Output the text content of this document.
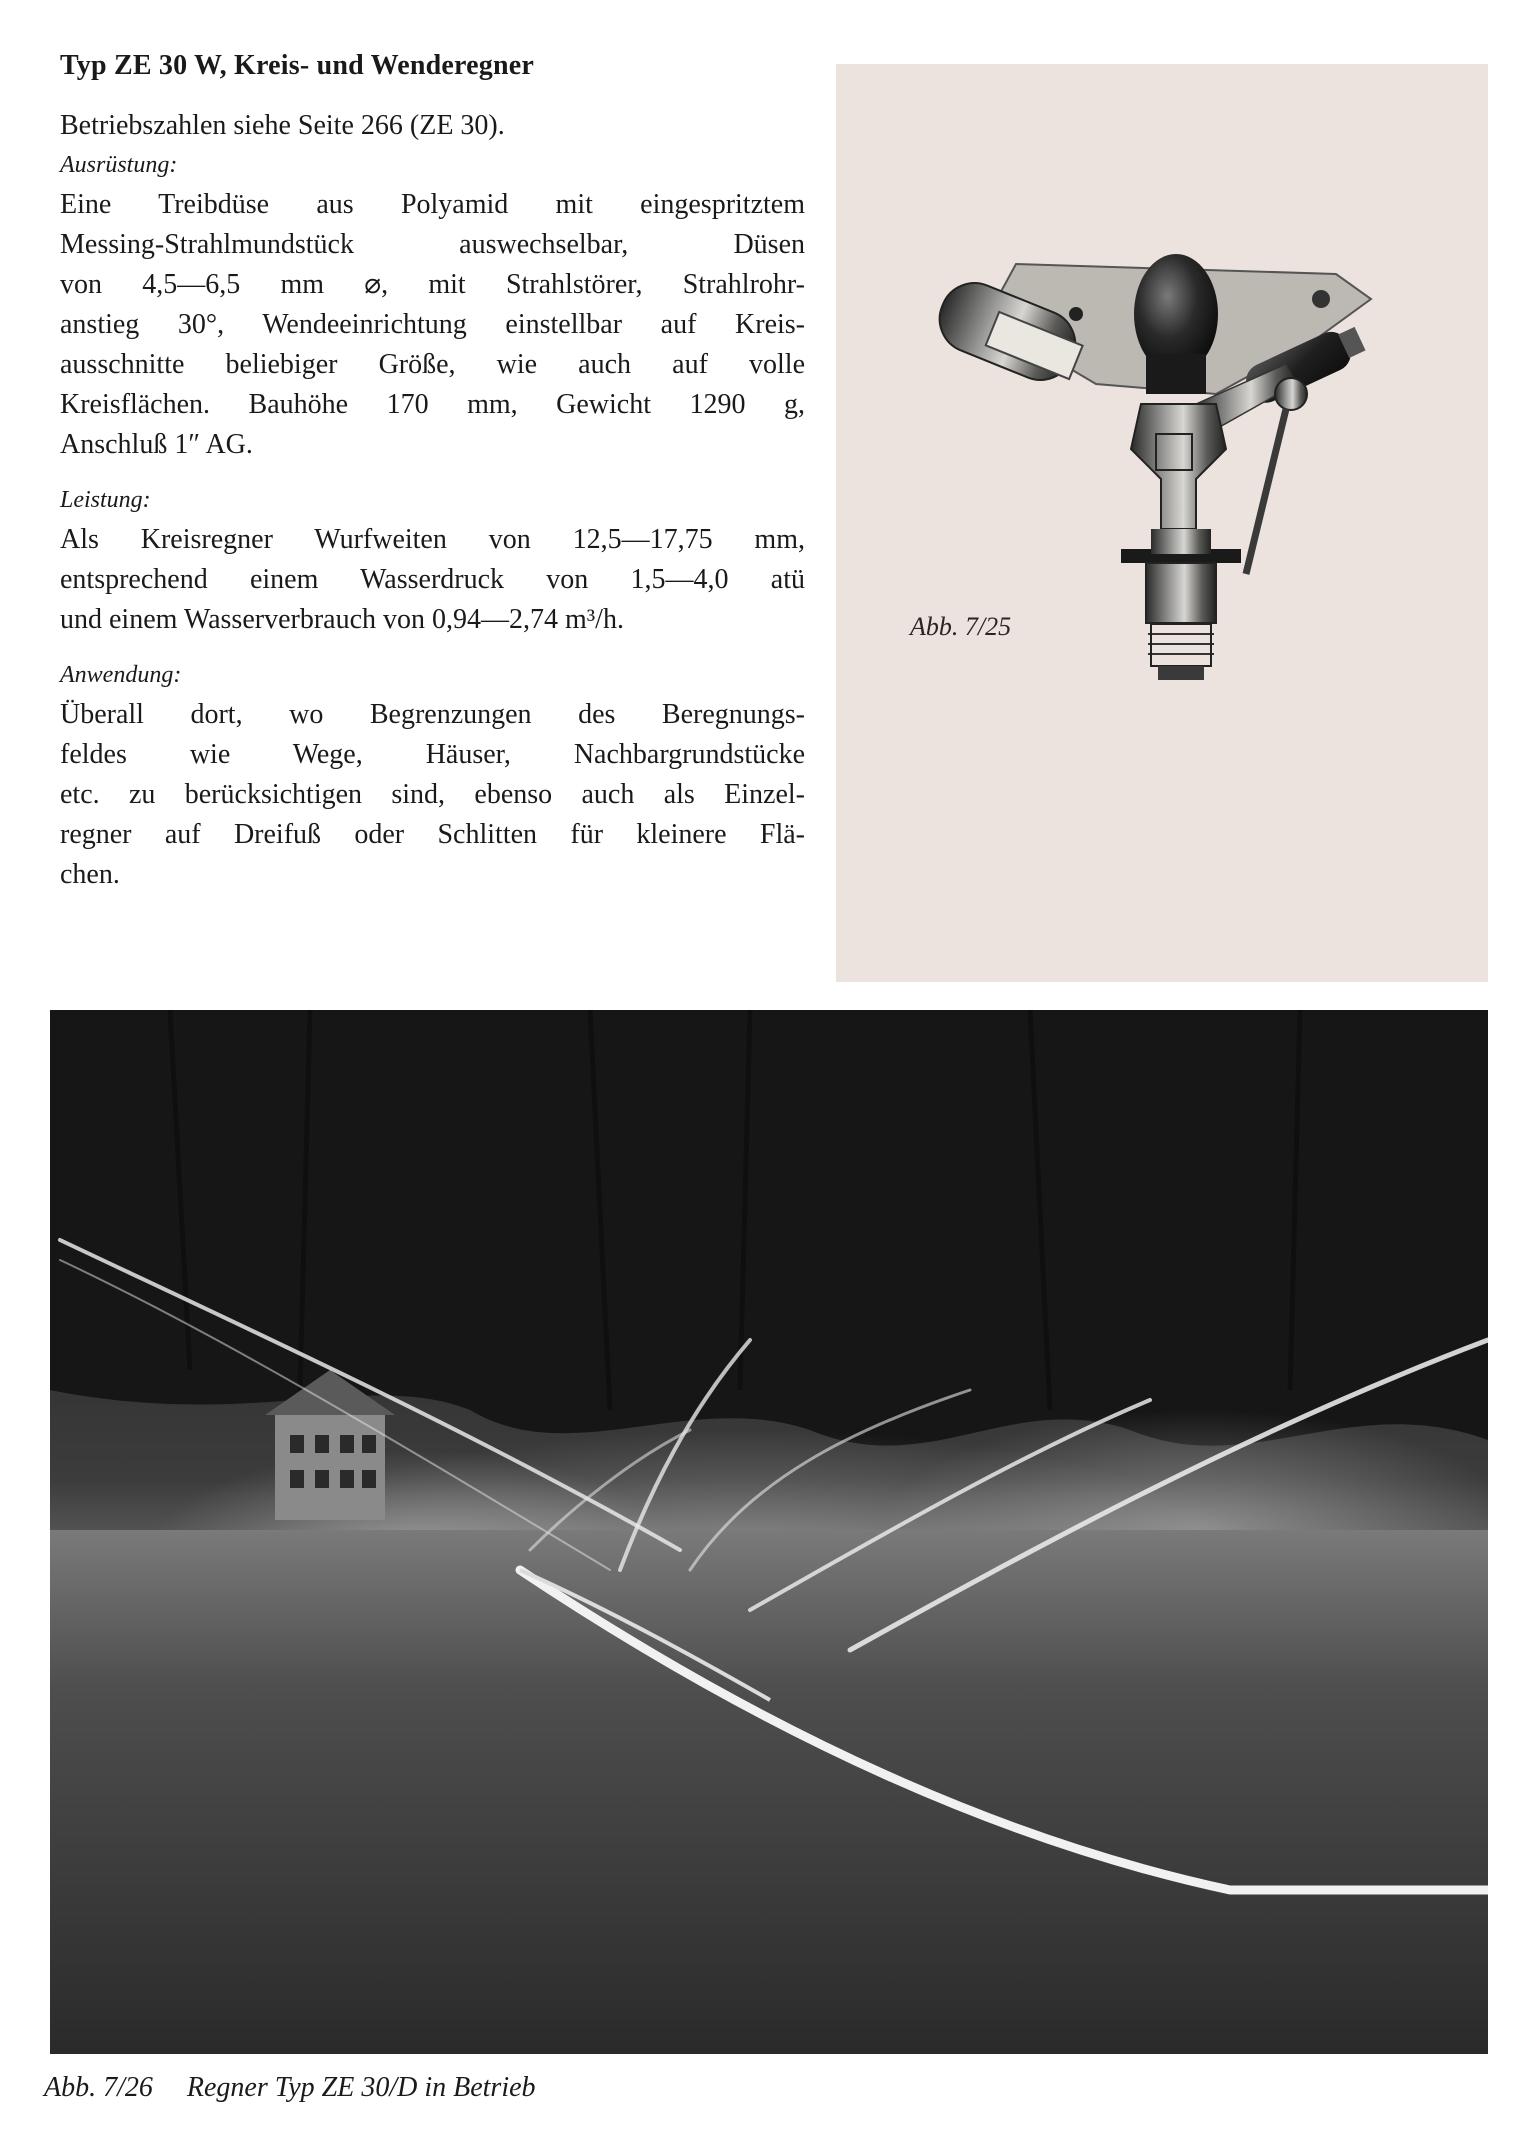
Typ ZE 30 W, Kreis- und Wenderegner

Betriebszahlen siehe Seite 266 (ZE 30).

Ausrüstung:

Eine Treibdüse aus Polyamid mit eingespritztem
Messing-Strahlmundstück auswechselbar, Düsen
von 4,5—6,5 mm ⌀, mit Strahlstörer, Strahlrohr-
anstieg 30°, Wendeeinrichtung einstellbar auf Kreis-
ausschnitte beliebiger Größe, wie auch auf volle
Kreisflächen. Bauhöhe 170 mm, Gewicht 1290 g,
Anschluß 1″ AG.

Leistung:

Als Kreisregner Wurfweiten von 12,5—17,75 mm,
entsprechend einem Wasserdruck von 1,5—4,0 atü
und einem Wasserverbrauch von 0,94—2,74 m³/h.

Anwendung:

Überall dort, wo Begrenzungen des Beregnungs-
feldes wie Wege, Häuser, Nachbargrundstücke
etc. zu berücksichtigen sind, ebenso auch als Einzel-
regner auf Dreifuß oder Schlitten für kleinere Flä-
chen.

Abb. 7/25
Abb. 7/26 Regner Typ ZE 30/D in Betrieb
